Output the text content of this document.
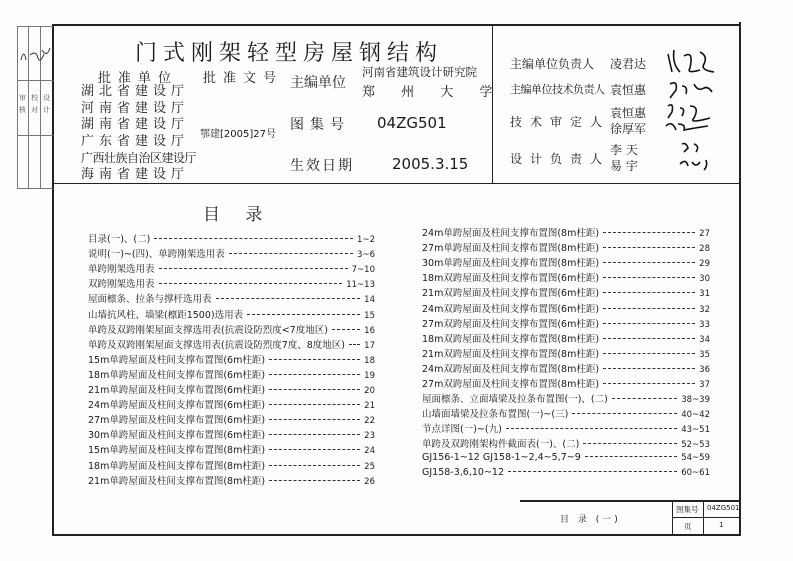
审核
校对
设计
门式刚架轻型房屋钢结构
批准单位
湖北省建设厅
河南省建设厅
湖南省建设厅
广东省建设厅
广西壮族自治区建设厅
海南省建设厅
批准文号
鄂建[2005]27号
主编单位
河南省建筑设计研究院
郑 州 大 学
图集号 04ZG501
生效日期	2005.3.15
主编单位负责人 凌君达
主编单位技术负责人 袁恒惠
技术审定人
袁恒惠
徐厚军
设计负责人
李 天
易 宇
目 录
目录(一)、(二)	1~2
说明(一)~(四)、单跨刚架选用表	3~6
单跨刚架选用表	7~10
双跨刚架选用表	11~13
屋面檩条、拉条与撑杆选用表	14
山墙抗风柱、墙梁(檩距1500)选用表	15
单跨及双跨刚架屋面支撑选用表(抗震设防烈度<7度地区)	16
单跨及双跨刚架屋面支撑选用表(抗震设防烈度7度、8度地区) 17
15m单跨屋面及柱间支撑布置图(6m柱距)	18
18m单跨屋面及柱间支撑布置图(6m柱距)	19
21m单跨屋面及柱间支撑布置图(6m柱距)	20
24m单跨屋面及柱间支撑布置图(6m柱距)	21
27m单跨屋面及柱间支撑布置图(6m柱距)	22
30m单跨屋面及柱间支撑布置图(6m柱距)	23
15m单跨屋面及柱间支撑布置图(8m柱距)	24
18m单跨屋面及柱间支撑布置图(8m柱距)	25
21m单跨屋面及柱间支撑布置图(8m柱距)	26
24m单跨屋面及柱间支撑布置图(8m柱距)	27
27m单跨屋面及柱间支撑布置图(8m柱距)	28
30m单跨屋面及柱间支撑布置图(8m柱距)	29
18m双跨屋面及柱间支撑布置图(6m柱距)	30
21m双跨屋面及柱间支撑布置图(6m柱距)	31
24m双跨屋面及柱间支撑布置图(6m柱距)	32
27m双跨屋面及柱间支撑布置图(6m柱距)	33
18m双跨屋面及柱间支撑布置图(8m柱距)	34
21m双跨屋面及柱间支撑布置图(8m柱距)	35
24m双跨屋面及柱间支撑布置图(8m柱距)	36
27m双跨屋面及柱间支撑布置图(8m柱距)	37
屋面檩条、立面墙梁及拉条布置图(一)、(二)	38~39
山墙面墙梁及拉条布置图(一)~(三)	40~42
节点详图(一)~(九)	43~51
单跨及双跨刚架构件截面表(一)、(二)	52~53
GJ156-1~12 GJ158-1~2,4~5,7~9	54~59
GJ158-3,6,10~12	60~61
目 录 (一)
图集号 04ZG501
页	1
